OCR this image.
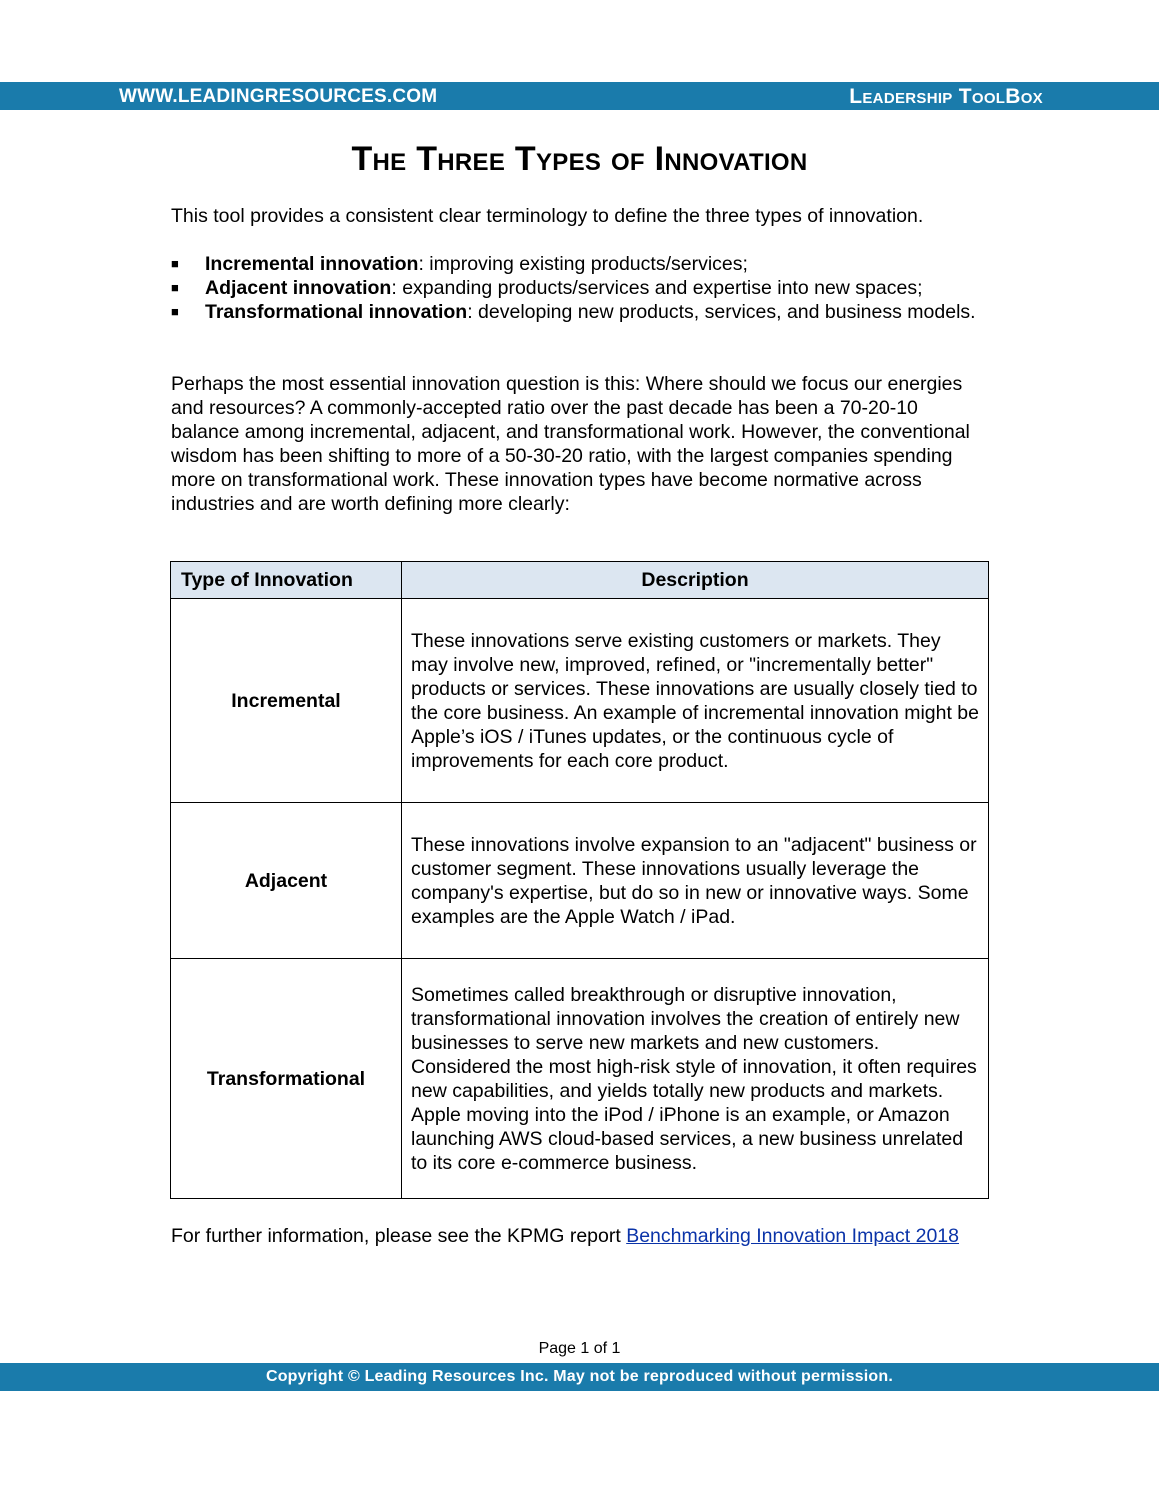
WWW.LEADINGRESOURCES.COM	Leadership ToolBox
The Three Types of Innovation
This tool provides a consistent clear terminology to define the three types of innovation.
■ Incremental innovation: improving existing products/services;
■ Adjacent innovation: expanding products/services and expertise into new spaces;
■ Transformational innovation: developing new products, services, and business models.
Perhaps the most essential innovation question is this: Where should we focus our energies and resources? A commonly-accepted ratio over the past decade has been a 70-20-10 balance among incremental, adjacent, and transformational work. However, the conventional wisdom has been shifting to more of a 50-30-20 ratio, with the largest companies spending more on transformational work. These innovation types have become normative across industries and are worth defining more clearly:
Type of Innovation	Description
Incremental	These innovations serve existing customers or markets. They may involve new, improved, refined, or "incrementally better" products or services. These innovations are usually closely tied to the core business. An example of incremental innovation might be Apple’s iOS / iTunes updates, or the continuous cycle of improvements for each core product.
Adjacent	These innovations involve expansion to an "adjacent" business or customer segment. These innovations usually leverage the company's expertise, but do so in new or innovative ways. Some examples are the Apple Watch / iPad.
Transformational	Sometimes called breakthrough or disruptive innovation, transformational innovation involves the creation of entirely new businesses to serve new markets and new customers. Considered the most high-risk style of innovation, it often requires new capabilities, and yields totally new products and markets. Apple moving into the iPod / iPhone is an example, or Amazon launching AWS cloud-based services, a new business unrelated to its core e-commerce business.
For further information, please see the KPMG report Benchmarking Innovation Impact 2018
Page 1 of 1
Copyright © Leading Resources Inc. May not be reproduced without permission.
